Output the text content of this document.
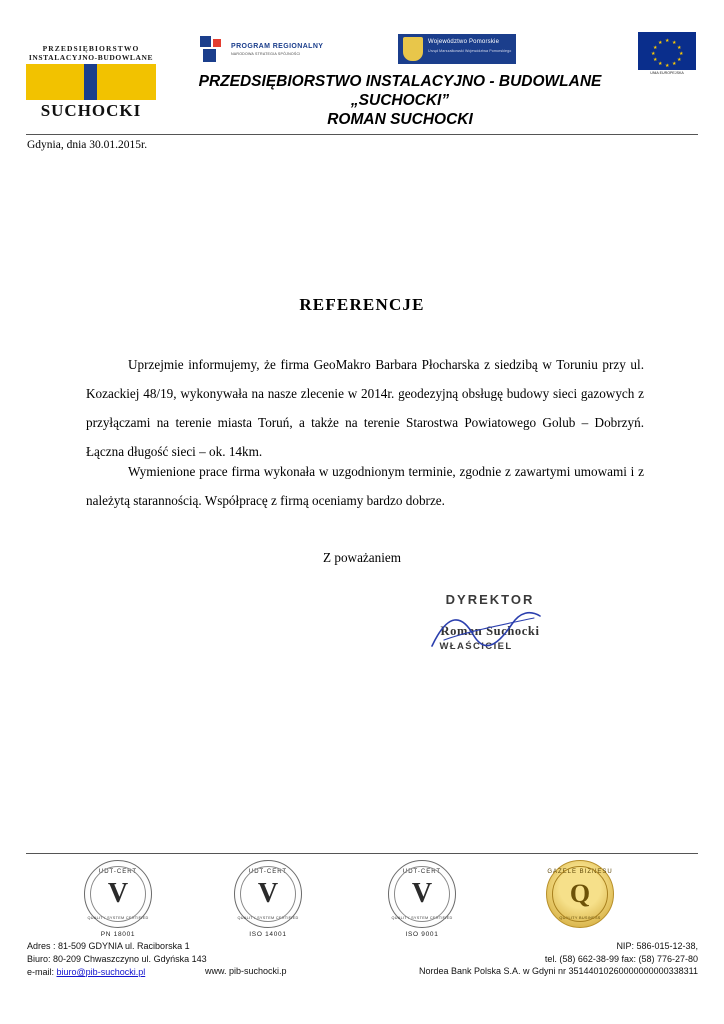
PRZEDSIĘBIORSTWO
INSTALACYJNO-BUDOWLANE
SUCHOCKI
PROGRAM REGIONALNY
NARODOWA STRATEGIA SPÓJNOŚCI
Województwo Pomorskie
Urząd Marszałkowski Województwa Pomorskiego
★ ★
★
★
★
★
★
★
★
★
★
★
UNIA EUROPEJSKA
PRZEDSIĘBIORSTWO INSTALACYJNO - BUDOWLANE
„SUCHOCKI”
ROMAN SUCHOCKI
Gdynia, dnia 30.01.2015r.
REFERENCJE
Uprzejmie informujemy, że firma GeoMakro Barbara Płocharska z siedzibą w Toruniu przy ul. Kozackiej 48/19, wykonywała na nasze zlecenie w 2014r. geodezyjną obsługę budowy sieci gazowych z przyłączami na terenie miasta Toruń, a także na terenie Starostwa Powiatowego Golub – Dobrzyń. Łączna długość sieci – ok. 14km.
Wymienione prace firma wykonała w uzgodnionym terminie, zgodnie z zawartymi umowami i z należytą starannością. Współpracę z firmą oceniamy bardzo dobrze.
Z poważaniem
DYREKTOR
Roman Suchocki
WŁAŚCICIEL
UDT-CERT
V
QUALITY SYSTEM CERTIFIED
PN 18001
UDT-CERT
V
QUALITY SYSTEM CERTIFIED
ISO 14001
UDT-CERT
V
QUALITY SYSTEM CERTIFIED
ISO 9001
GAZELE BIZNESU
Q
QUALITY BUSINESS
Adres : 81-509 GDYNIA ul. Raciborska 1
Biuro: 80-209 Chwaszczyno ul. Gdyńska 143
e-mail: biuro@pib-suchocki.pl	www. pib-suchocki.p
NIP: 586-015-12-38,
tel. (58) 662-38-99 fax: (58) 776-27-80
Nordea Bank Polska S.A. w Gdyni nr 35144010260000000000338311
